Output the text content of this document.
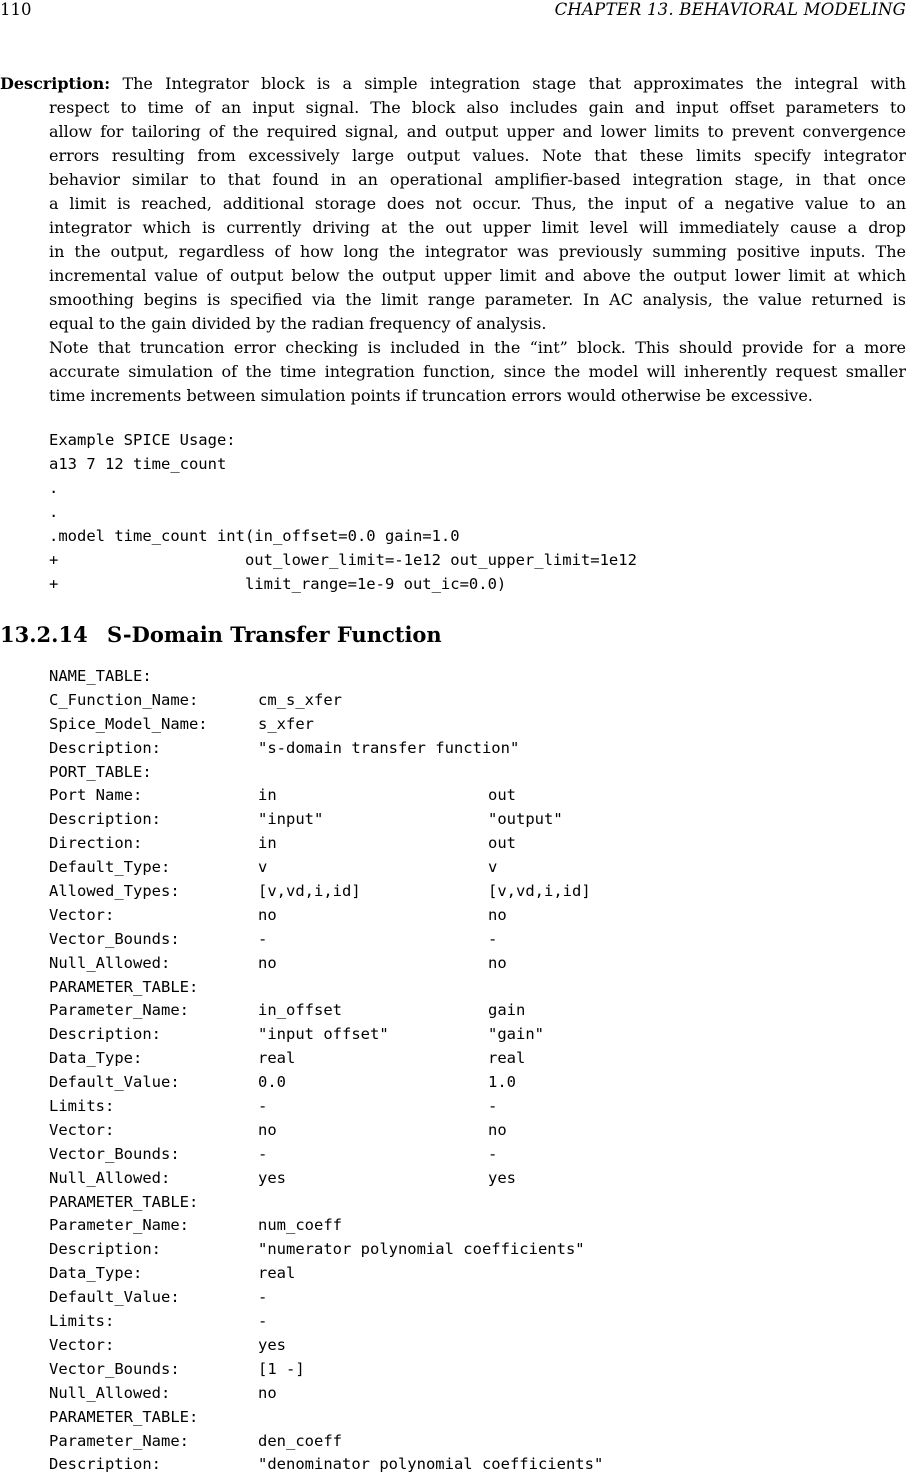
110	CHAPTER 13. BEHAVIORAL MODELING
Description: The Integrator block is a simple integration stage that approximates the integral with
respect to time of an input signal. The block also includes gain and input offset parameters to
allow for tailoring of the required signal, and output upper and lower limits to prevent convergence
errors resulting from excessively large output values. Note that these limits specify integrator
behavior similar to that found in an operational amplifier-based integration stage, in that once
a limit is reached, additional storage does not occur. Thus, the input of a negative value to an
integrator which is currently driving at the out upper limit level will immediately cause a drop
in the output, regardless of how long the integrator was previously summing positive inputs. The
incremental value of output below the output upper limit and above the output lower limit at which
smoothing begins is specified via the limit range parameter. In AC analysis, the value returned is
equal to the gain divided by the radian frequency of analysis.
Note that truncation error checking is included in the “int” block. This should provide for a more
accurate simulation of the time integration function, since the model will inherently request smaller
time increments between simulation points if truncation errors would otherwise be excessive.
Example SPICE Usage:
a13 7 12 time_count
.
.
.model time_count int(in_offset=0.0 gain=1.0
+                    out_lower_limit=-1e12 out_upper_limit=1e12
+                    limit_range=1e-9 out_ic=0.0)
13.2.14 S-Domain Transfer Function
NAME_TABLE:
C_Function_Name:	cm_s_xfer
Spice_Model_Name:	s_xfer
Description:	"s-domain transfer function"
PORT_TABLE:
Port Name:	in	out
Description:	"input"	"output"
Direction:	in	out
Default_Type:	v	v
Allowed_Types:	[v,vd,i,id]	[v,vd,i,id]
Vector:	no	no
Vector_Bounds:	-	-
Null_Allowed:	no	no
PARAMETER_TABLE:
Parameter_Name:	in_offset	gain
Description:	"input offset"	"gain"
Data_Type:	real	real
Default_Value:	0.0	1.0
Limits:	-	-
Vector:	no	no
Vector_Bounds:	-	-
Null_Allowed:	yes	yes
PARAMETER_TABLE:
Parameter_Name:	num_coeff
Description:	"numerator polynomial coefficients"
Data_Type:	real
Default_Value:	-
Limits:	-
Vector:	yes
Vector_Bounds:	[1 -]
Null_Allowed:	no
PARAMETER_TABLE:
Parameter_Name:	den_coeff
Description:	"denominator polynomial coefficients"
